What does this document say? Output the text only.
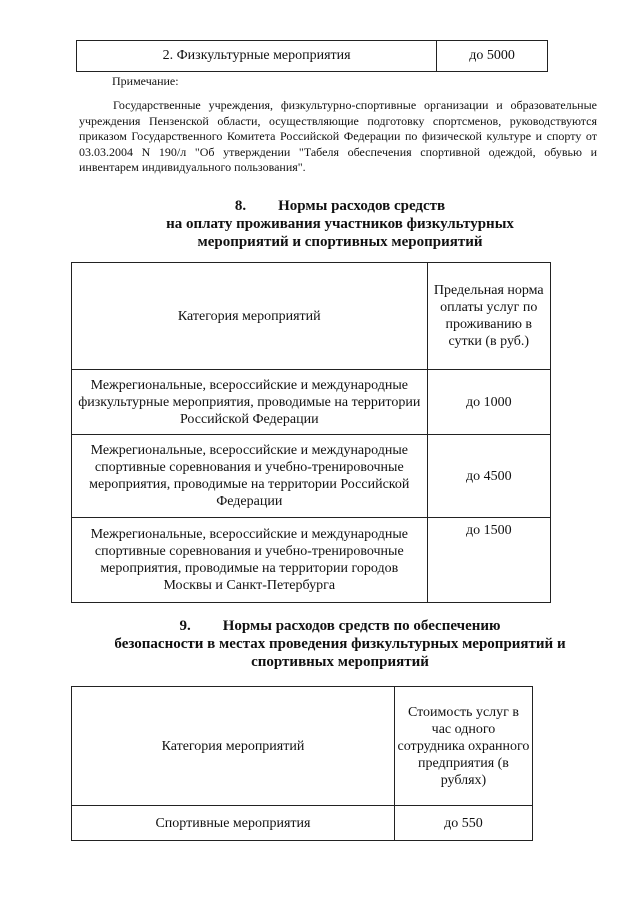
2. Физкультурные мероприятия	до 5000
Примечание:
Государственные учреждения, физкультурно-спортивные организации и образовательные учреждения Пензенской области, осуществляющие подготовку спортсменов, руководствуются приказом Государственного Комитета Российской Федерации по физической культуре и спорту от 03.03.2004 N 190/л "Об утверждении "Табеля обеспечения спортивной одеждой, обувью и инвентарем индивидуального пользования".
8. Нормы расходов средств
на оплату проживания участников физкультурных
мероприятий и спортивных мероприятий
Категория мероприятий	Предельная норма оплаты услуг по проживанию в сутки (в руб.)
Межрегиональные, всероссийские и международные физкультурные мероприятия, проводимые на территории Российской Федерации	до 1000
Межрегиональные, всероссийские и международные спортивные соревнования и учебно-тренировочные мероприятия, проводимые на территории Российской Федерации	до 4500
Межрегиональные, всероссийские и международные спортивные соревнования и учебно-тренировочные мероприятия, проводимые на территории городов Москвы и Санкт-Петербурга	до 1500
9. Нормы расходов средств по обеспечению
безопасности в местах проведения физкультурных мероприятий и
спортивных мероприятий
Категория мероприятий	Стоимость услуг в час одного сотрудника охранного предприятия (в рублях)
Спортивные мероприятия	до 550
